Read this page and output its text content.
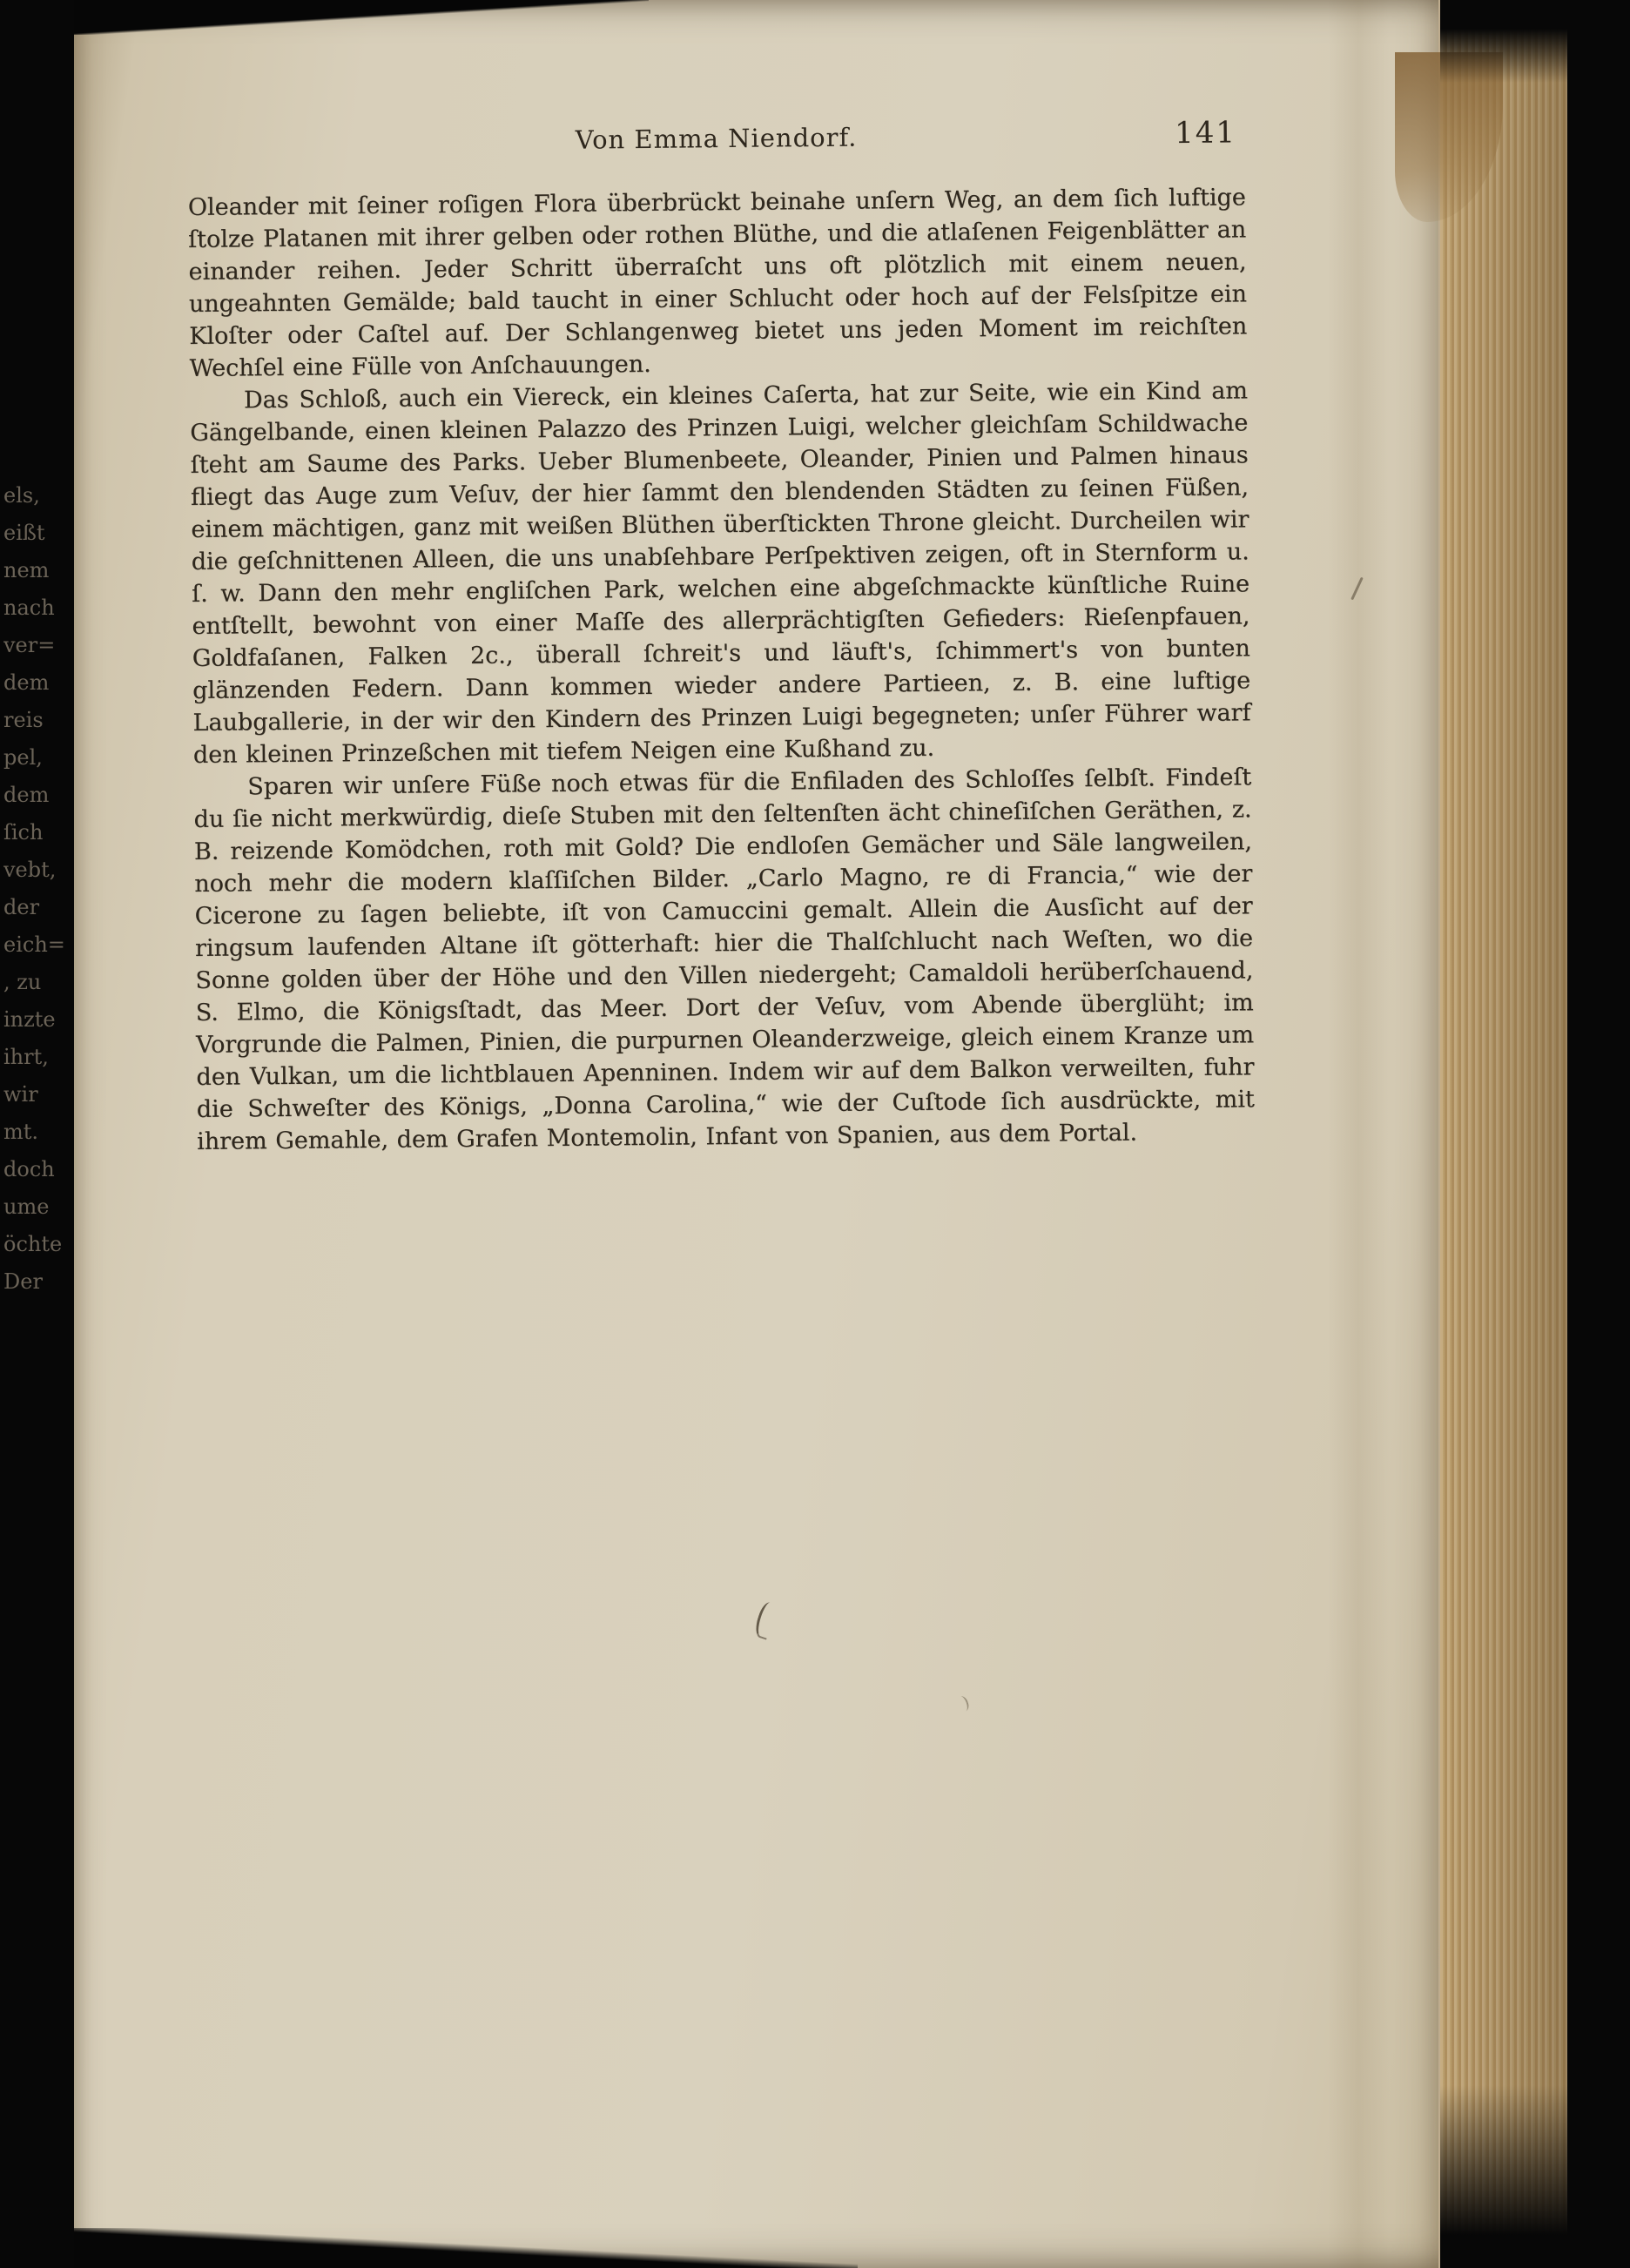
els,
eißt
nem
nach
ver=
dem
reis
pel,
dem
ſich
vebt,
der
eich=
, zu
inzte
ihrt,
wir
mt.
doch
ume
öchte
Der
Von Emma Niendorf.	141
Oleander mit ſeiner roſigen Flora überbrückt beinahe unſern Weg, an dem ſich luftige ſtolze Platanen mit ihrer gelben oder rothen Blüthe, und die atlaſenen Feigenblätter an einander reihen. Jeder Schritt überraſcht uns oft plötzlich mit einem neuen, ungeahnten Gemälde; bald taucht in einer Schlucht oder hoch auf der Felsſpitze ein Kloſter oder Caſtel auf. Der Schlangenweg bietet uns jeden Moment im reichſten Wechſel eine Fülle von Anſchauungen.
Das Schloß, auch ein Viereck, ein kleines Caſerta, hat zur Seite, wie ein Kind am Gängelbande, einen kleinen Palazzo des Prinzen Luigi, welcher gleichſam Schildwache ſteht am Saume des Parks. Ueber Blumenbeete, Oleander, Pinien und Palmen hinaus fliegt das Auge zum Veſuv, der hier ſammt den blendenden Städten zu ſeinen Füßen, einem mächtigen, ganz mit weißen Blüthen überſtickten Throne gleicht. Durcheilen wir die geſchnittenen Alleen, die uns unabſehbare Perſpektiven zeigen, oft in Sternform u. ſ. w. Dann den mehr engliſchen Park, welchen eine abgeſchmackte künſtliche Ruine entſtellt, bewohnt von einer Maſſe des allerprächtigſten Gefieders: Rieſenpfauen, Goldfaſanen, Falken 2c., überall ſchreit's und läuft's, ſchimmert's von bunten glänzenden Federn. Dann kommen wieder andere Partieen, z. B. eine luftige Laubgallerie, in der wir den Kindern des Prinzen Luigi begegneten; unſer Führer warf den kleinen Prinzeßchen mit tiefem Neigen eine Kußhand zu.
Sparen wir unſere Füße noch etwas für die Enfiladen des Schloſſes ſelbſt. Findeſt du ſie nicht merkwürdig, dieſe Stuben mit den ſeltenſten ächt chineſiſchen Geräthen, z. B. reizende Komödchen, roth mit Gold? Die endloſen Gemächer und Säle langweilen, noch mehr die modern klaſſiſchen Bilder. „Carlo Magno, re di Francia,“ wie der Cicerone zu ſagen beliebte, iſt von Camuccini gemalt. Allein die Ausſicht auf der ringsum laufenden Altane iſt götterhaft: hier die Thalſchlucht nach Weſten, wo die Sonne golden über der Höhe und den Villen niedergeht; Camaldoli herüberſchauend, S. Elmo, die Königsſtadt, das Meer. Dort der Veſuv, vom Abende überglüht; im Vorgrunde die Palmen, Pinien, die purpurnen Oleanderzweige, gleich einem Kranze um den Vulkan, um die lichtblauen Apenninen. Indem wir auf dem Balkon verweilten, fuhr die Schweſter des Königs, „Donna Carolina,“ wie der Cuſtode ſich ausdrückte, mit ihrem Gemahle, dem Grafen Montemolin, Infant von Spanien, aus dem Portal.
